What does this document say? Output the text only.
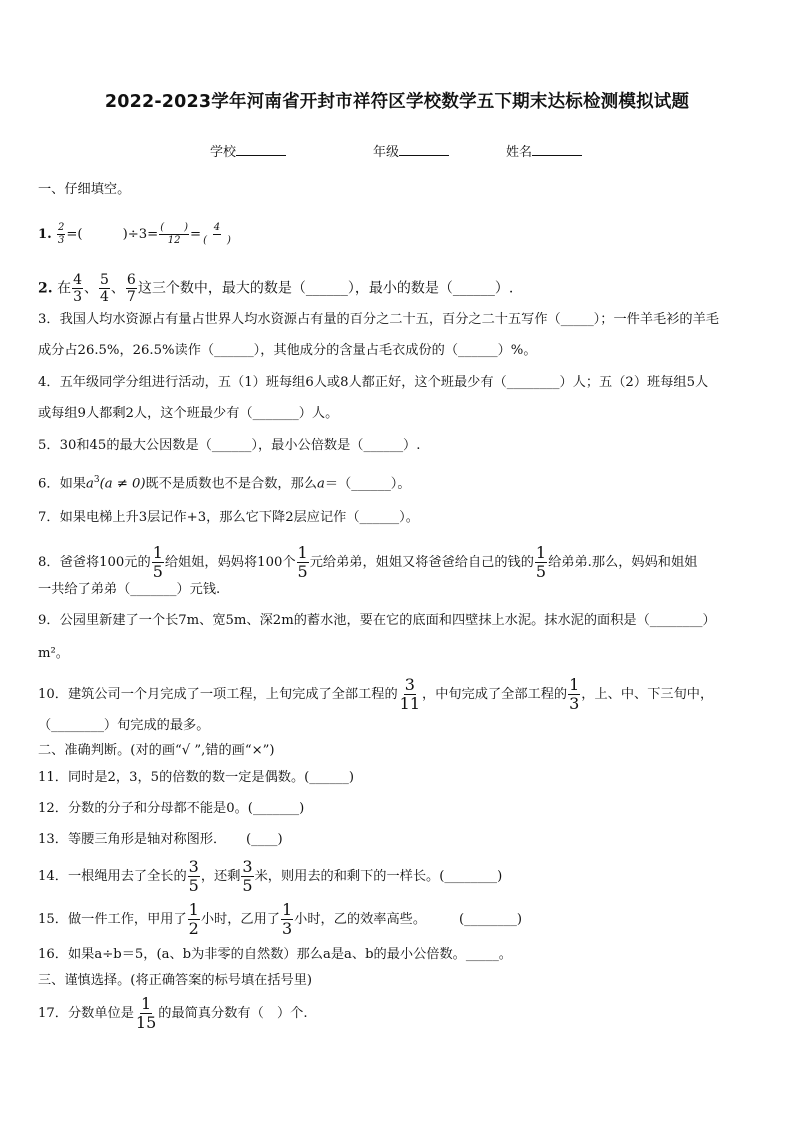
2022-2023学年河南省开封市祥符区学校数学五下期末达标检测模拟试题
学校	年级	姓名
一、仔细填空。
1. $\frac{2}{3}$ =(	)$\div 3= \frac{( )}{12} = \frac{4}{( )}$
2. 在 $\frac{4}{3}$ 、 $\frac{5}{4}$ 、 $\frac{6}{7}$ 这三个数中，最大的数是（______），最小的数是（______）.
3．我国人均水资源占有量占世界人均水资源占有量的百分之二十五，百分之二十五写作（_____）；一件羊毛衫的羊毛
成分占26.5%，26.5%读作（______），其他成分的含量占毛衣成份的（______）%。
4．五年级同学分组进行活动，五（1）班每组6人或8人都正好，这个班最少有（________）人；五（2）班每组5人
或每组9人都剩2人，这个班最少有（_______）人。
5．30和45的最大公因数是（______），最小公倍数是（______）.
6．如果$a^3(a \ne 0)$既不是质数也不是合数，那么a＝（______）。
7．如果电梯上升3层记作+3，那么它下降2层应记作（______）。
8．爸爸将100元的 $\frac{1}{5}$ 给姐姐，妈妈将100个 $\frac{1}{5}$ 元给弟弟，姐姐又将爸爸给自己的钱的 $\frac{1}{5}$ 给弟弟.那么，妈妈和姐姐
一共给了弟弟（_______）元钱.
9．公园里新建了一个长7m、宽5m、深2m的蓄水池，要在它的底面和四壁抹上水泥。抹水泥的面积是（________）
m²。
10．建筑公司一个月完成了一项工程，上旬完成了全部工程的 $\frac{3}{11}$ ，中旬完成了全部工程的 $\frac{1}{3}$ ，上、中、下三旬中，
（________）旬完成的最多。
二、准确判断。(对的画“√ ”,错的画“×”)
11．同时是2，3，5的倍数的数一定是偶数。(______)
12．分数的分子和分母都不能是0。(_______)
13．等腰三角形是轴对称图形．　　(____)
14．一根绳用去了全长的 $\frac{3}{5}$ ，还剩 $\frac{3}{5}$ 米，则用去的和剩下的一样长。(________)
15．做一件工作，甲用了 $\frac{1}{2}$ 小时，乙用了 $\frac{1}{3}$ 小时，乙的效率高些。　　　(________)
16．如果a÷b＝5，(a、b为非零的自然数）那么a是a、b的最小公倍数。_____。
三、谨慎选择。(将正确答案的标号填在括号里)
17．分数单位是 $\frac{1}{15}$ 的最简真分数有（　）个.
